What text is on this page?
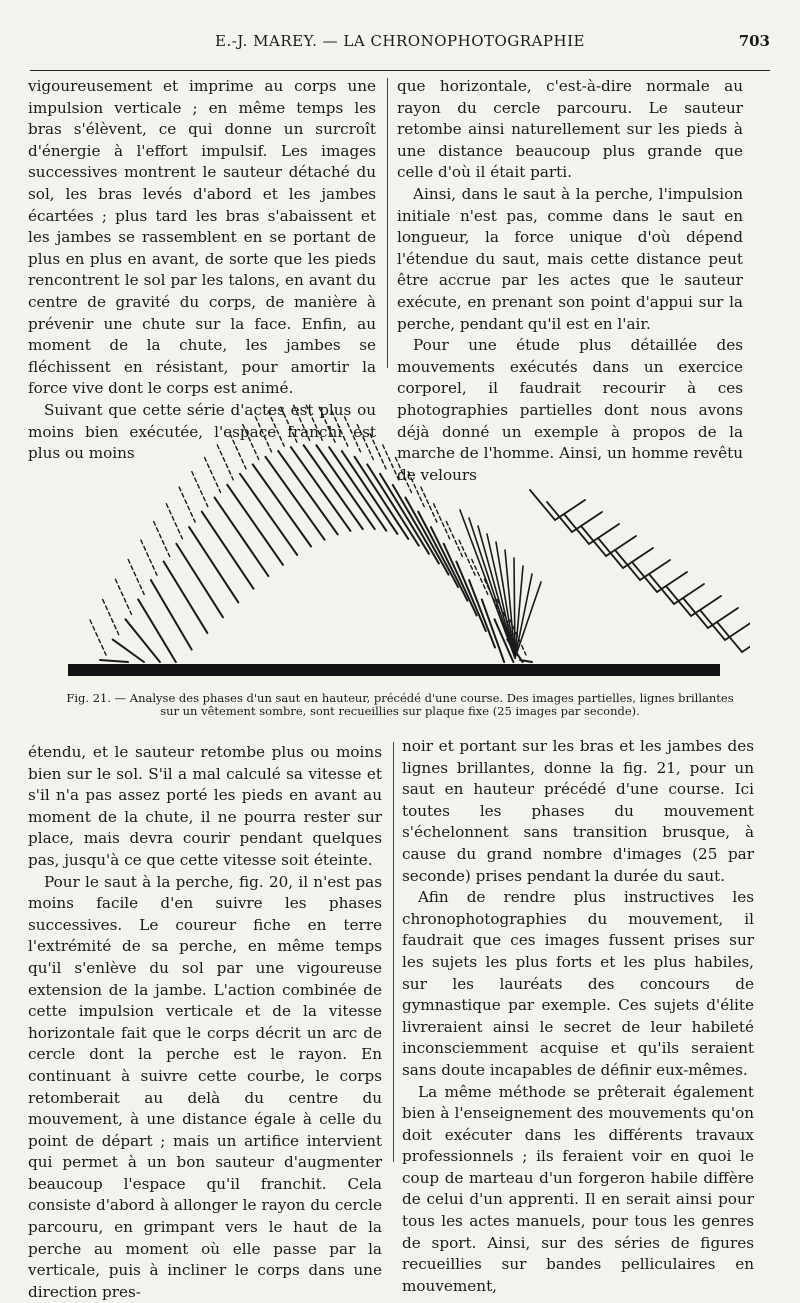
E.-J. MAREY. — LA CHRONOPHOTOGRAPHIE	703

vigoureusement et imprime au corps une impulsion verticale ; en même temps les bras s'élèvent, ce qui donne un surcroît d'énergie à l'effort impulsif. Les images successives montrent le sauteur détaché du sol, les bras levés d'abord et les jambes écartées ; plus tard les bras s'abaissent et les jambes se rassemblent en se portant de plus en plus en avant, de sorte que les pieds rencontrent le sol par les talons, en avant du centre de gravité du corps, de manière à prévenir une chute sur la face. Enfin, au moment de la chute, les jambes se fléchissent en résistant, pour amortir la force vive dont le corps est animé.

Suivant que cette série d'actes est plus ou moins bien exécutée, l'espace franchi est plus ou moins

que horizontale, c'est-à-dire normale au rayon du cercle parcouru. Le sauteur retombe ainsi naturellement sur les pieds à une distance beaucoup plus grande que celle d'où il était parti.

Ainsi, dans le saut à la perche, l'impulsion initiale n'est pas, comme dans le saut en longueur, la force unique d'où dépend l'étendue du saut, mais cette distance peut être accrue par les actes que le sauteur exécute, en prenant son point d'appui sur la perche, pendant qu'il est en l'air.

Pour une étude plus détaillée des mouvements exécutés dans un exercice corporel, il faudrait recourir à ces photographies partielles dont nous avons déjà donné un exemple à propos de la marche de l'homme. Ainsi, un homme revêtu de velours

Fig. 21. — Analyse des phases d'un saut en hauteur, précédé d'une course. Des images partielles, lignes brillantes sur un vêtement sombre, sont recueillies sur plaque fixe (25 images par seconde).

étendu, et le sauteur retombe plus ou moins bien sur le sol. S'il a mal calculé sa vitesse et s'il n'a pas assez porté les pieds en avant au moment de la chute, il ne pourra rester sur place, mais devra courir pendant quelques pas, jusqu'à ce que cette vitesse soit éteinte.

Pour le saut à la perche, fig. 20, il n'est pas moins facile d'en suivre les phases successives. Le coureur fiche en terre l'extrémité de sa perche, en même temps qu'il s'enlève du sol par une vigoureuse extension de la jambe. L'action combinée de cette impulsion verticale et de la vitesse horizontale fait que le corps décrit un arc de cercle dont la perche est le rayon. En continuant à suivre cette courbe, le corps retomberait au delà du centre du mouvement, à une distance égale à celle du point de départ ; mais un artifice intervient qui permet à un bon sauteur d'augmenter beaucoup l'espace qu'il franchit. Cela consiste d'abord à allonger le rayon du cercle parcouru, en grimpant vers le haut de la perche au moment où elle passe par la verticale, puis à incliner le corps dans une direction pres-

noir et portant sur les bras et les jambes des lignes brillantes, donne la fig. 21, pour un saut en hauteur précédé d'une course. Ici toutes les phases du mouvement s'échelonnent sans transition brusque, à cause du grand nombre d'images (25 par seconde) prises pendant la durée du saut.

Afin de rendre plus instructives les chronophotographies du mouvement, il faudrait que ces images fussent prises sur les sujets les plus forts et les plus habiles, sur les lauréats des concours de gymnastique par exemple. Ces sujets d'élite livreraient ainsi le secret de leur habileté inconsciemment acquise et qu'ils seraient sans doute incapables de définir eux-mêmes.

La même méthode se prêterait également bien à l'enseignement des mouvements qu'on doit exécuter dans les différents travaux professionnels ; ils feraient voir en quoi le coup de marteau d'un forgeron habile diffère de celui d'un apprenti. Il en serait ainsi pour tous les actes manuels, pour tous les genres de sport. Ainsi, sur des séries de figures recueillies sur bandes pelliculaires en mouvement,
